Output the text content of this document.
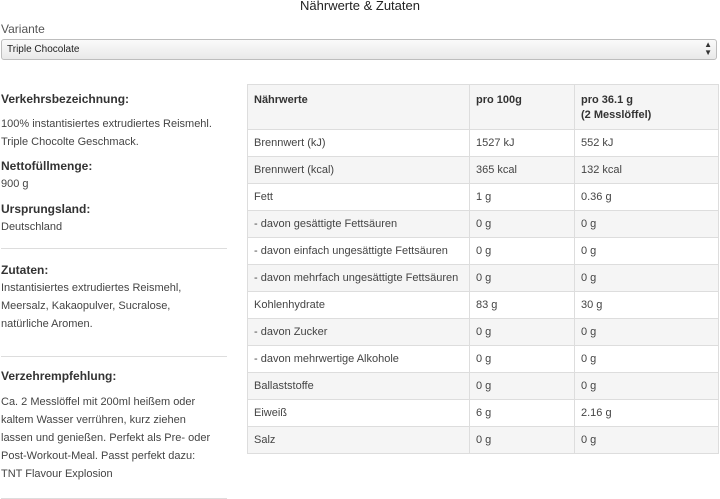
Nährwerte & Zutaten
Variante
Triple Chocolate	▲
▼

Verkehrsbezeichnung:

100% instantisiertes extrudiertes Reismehl.

Triple Chocolte Geschmack.

Nettofüllmenge:

900 g

Ursprungsland:

Deutschland

Zutaten:

Instantisiertes extrudiertes Reismehl,

Meersalz, Kakaopulver, Sucralose,

natürliche Aromen.

Verzehrempfehlung:

Ca. 2 Messlöffel mit 200ml heißem oder

kaltem Wasser verrühren, kurz ziehen

lassen und genießen. Perfekt als Pre- oder

Post-Workout-Meal. Passt perfekt dazu:

TNT Flavour Explosion

Nährwerte	pro 100g	pro 36.1 g
(2 Messlöffel)
Brennwert (kJ)	1527 kJ	552 kJ
Brennwert (kcal)	365 kcal	132 kcal
Fett	1 g	0.36 g
- davon gesättigte Fettsäuren	0 g	0 g
- davon einfach ungesättigte Fettsäuren	0 g	0 g
- davon mehrfach ungesättigte Fettsäuren	0 g	0 g
Kohlenhydrate	83 g	30 g
- davon Zucker	0 g	0 g
- davon mehrwertige Alkohole	0 g	0 g
Ballaststoffe	0 g	0 g
Eiweiß	6 g	2.16 g
Salz	0 g	0 g
